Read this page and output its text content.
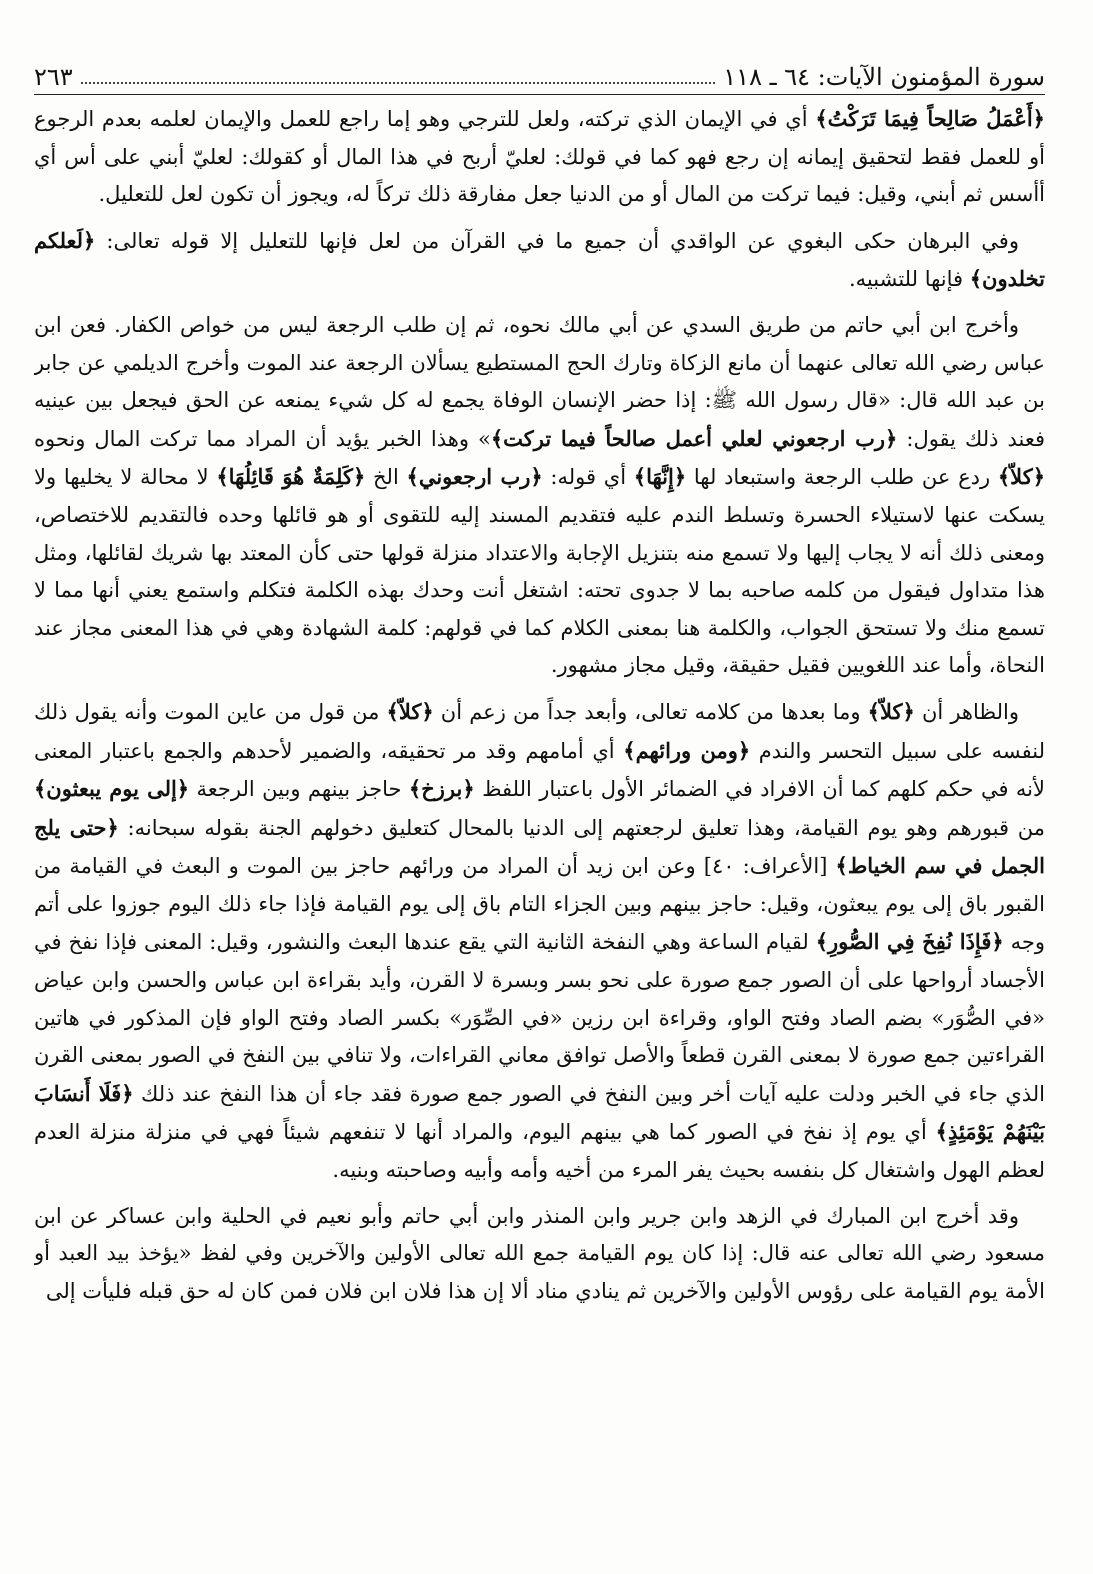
سورة المؤمنون الآيات: ٦٤ ـ ١١٨
٢٦٣

﴿أَعْمَلُ صَالِحاً فِيمَا تَرَكْتُ﴾ أي في الإيمان الذي تركته، ولعل للترجي وهو إما راجع للعمل والإيمان لعلمه بعدم الرجوع أو للعمل فقط لتحقيق إيمانه إن رجع فهو كما في قولك: لعليّ أربح في هذا المال أو كقولك: لعليّ أبني على أس أي أأسس ثم أبني، وقيل: فيما تركت من المال أو من الدنيا جعل مفارقة ذلك تركاً له، ويجوز أن تكون لعل للتعليل.

وفي البرهان حكى البغوي عن الواقدي أن جميع ما في القرآن من لعل فإنها للتعليل إلا قوله تعالى: ﴿لَعلكم تخلدون﴾ فإنها للتشبيه.

وأخرج ابن أبي حاتم من طريق السدي عن أبي مالك نحوه، ثم إن طلب الرجعة ليس من خواص الكفار. فعن ابن عباس رضي الله تعالى عنهما أن مانع الزكاة وتارك الحج المستطيع يسألان الرجعة عند الموت وأخرج الديلمي عن جابر بن عبد الله قال: «قال رسول الله ﷺ: إذا حضر الإنسان الوفاة يجمع له كل شيء يمنعه عن الحق فيجعل بين عينيه فعند ذلك يقول: ﴿رب ارجعوني لعلي أعمل صالحاً فيما تركت﴾» وهذا الخبر يؤيد أن المراد مما تركت المال ونحوه ﴿كلاّ﴾ ردع عن طلب الرجعة واستبعاد لها ﴿إِنَّهَا﴾ أي قوله: ﴿رب ارجعوني﴾ الخ ﴿كَلِمَةٌ هُوَ قَائِلُهَا﴾ لا محالة لا يخليها ولا يسكت عنها لاستيلاء الحسرة وتسلط الندم عليه فتقديم المسند إليه للتقوى أو هو قائلها وحده فالتقديم للاختصاص، ومعنى ذلك أنه لا يجاب إليها ولا تسمع منه بتنزيل الإجابة والاعتداد منزلة قولها حتى كأن المعتد بها شريك لقائلها، ومثل هذا متداول فيقول من كلمه صاحبه بما لا جدوى تحته: اشتغل أنت وحدك بهذه الكلمة فتكلم واستمع يعني أنها مما لا تسمع منك ولا تستحق الجواب، والكلمة هنا بمعنى الكلام كما في قولهم: كلمة الشهادة وهي في هذا المعنى مجاز عند النحاة، وأما عند اللغويين فقيل حقيقة، وقيل مجاز مشهور.

والظاهر أن ﴿كلاّ﴾ وما بعدها من كلامه تعالى، وأبعد جداً من زعم أن ﴿كلاّ﴾ من قول من عاين الموت وأنه يقول ذلك لنفسه على سبيل التحسر والندم ﴿ومن ورائهم﴾ أي أمامهم وقد مر تحقيقه، والضمير لأحدهم والجمع باعتبار المعنى لأنه في حكم كلهم كما أن الافراد في الضمائر الأول باعتبار اللفظ ﴿برزخ﴾ حاجز بينهم وبين الرجعة ﴿إلى يوم يبعثون﴾ من قبورهم وهو يوم القيامة، وهذا تعليق لرجعتهم إلى الدنيا بالمحال كتعليق دخولهم الجنة بقوله سبحانه: ﴿حتى يلج الجمل في سم الخياط﴾ [الأعراف: ٤٠] وعن ابن زيد أن المراد من ورائهم حاجز بين الموت و البعث في القيامة من القبور باق إلى يوم يبعثون، وقيل: حاجز بينهم وبين الجزاء التام باق إلى يوم القيامة فإذا جاء ذلك اليوم جوزوا على أتم وجه ﴿فَإِذَا نُفِخَ فِي الصُّورِ﴾ لقيام الساعة وهي النفخة الثانية التي يقع عندها البعث والنشور، وقيل: المعنى فإذا نفخ في الأجساد أرواحها على أن الصور جمع صورة على نحو بسر وبسرة لا القرن، وأيد بقراءة ابن عباس والحسن وابن عياض «في الصُّوَر» بضم الصاد وفتح الواو، وقراءة ابن رزين «في الصِّوَر» بكسر الصاد وفتح الواو فإن المذكور في هاتين القراءتين جمع صورة لا بمعنى القرن قطعاً والأصل توافق معاني القراءات، ولا تنافي بين النفخ في الصور بمعنى القرن الذي جاء في الخبر ودلت عليه آيات أخر وبين النفخ في الصور جمع صورة فقد جاء أن هذا النفخ عند ذلك ﴿فَلَا أَنسَابَ بَيْنَهُمْ يَوْمَئِذٍ﴾ أي يوم إذ نفخ في الصور كما هي بينهم اليوم، والمراد أنها لا تنفعهم شيئاً فهي في منزلة منزلة العدم لعظم الهول واشتغال كل بنفسه بحيث يفر المرء من أخيه وأمه وأبيه وصاحبته وبنيه.

وقد أخرج ابن المبارك في الزهد وابن جرير وابن المنذر وابن أبي حاتم وأبو نعيم في الحلية وابن عساكر عن ابن مسعود رضي الله تعالى عنه قال: إذا كان يوم القيامة جمع الله تعالى الأولين والآخرين وفي لفظ «يؤخذ بيد العبد أو الأمة يوم القيامة على رؤوس الأولين والآخرين ثم ينادي مناد ألا إن هذا فلان ابن فلان فمن كان له حق قبله فليأت إلى
